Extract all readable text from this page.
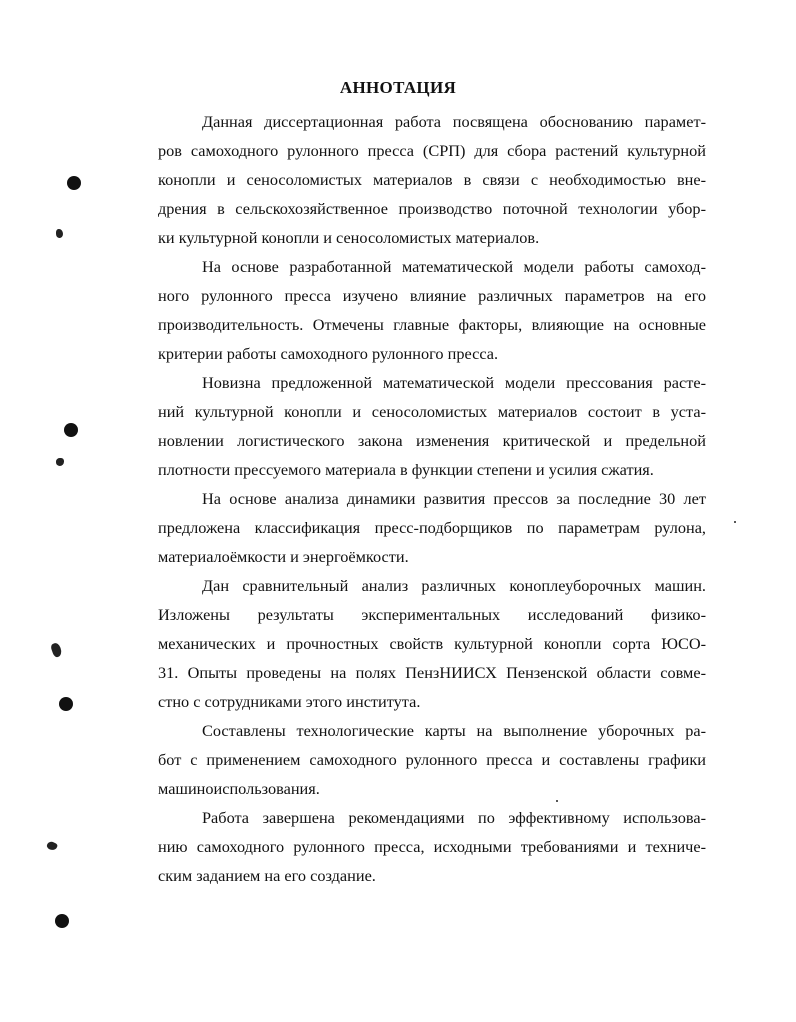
АННОТАЦИЯ
Данная диссертационная работа посвящена обоснованию парамет-
ров самоходного рулонного пресса (СРП) для сбора растений культурной
конопли и сеносоломистых материалов в связи с необходимостью вне-
дрения в сельскохозяйственное производство поточной технологии убор-
ки культурной конопли и сеносоломистых материалов.
На основе разработанной математической модели работы самоход-
ного рулонного пресса изучено влияние различных параметров на его
производительность. Отмечены главные факторы, влияющие на основные
критерии работы самоходного рулонного пресса.
Новизна предложенной математической модели прессования расте-
ний культурной конопли и сеносоломистых материалов состоит в уста-
новлении логистического закона изменения критической и предельной
плотности прессуемого материала в функции степени и усилия сжатия.
На основе анализа динамики развития прессов за последние 30 лет
предложена классификация пресс-подборщиков по параметрам рулона,
материалоёмкости и энергоёмкости.
Дан сравнительный анализ различных коноплеуборочных машин.
Изложены результаты экспериментальных исследований физико-
механических и прочностных свойств культурной конопли сорта ЮСО-
31. Опыты проведены на полях ПензНИИСХ Пензенской области совме-
стно с сотрудниками этого института.
Составлены технологические карты на выполнение уборочных ра-
бот с применением самоходного рулонного пресса и составлены графики
машиноиспользования.
Работа завершена рекомендациями по эффективному использова-
нию самоходного рулонного пресса, исходными требованиями и техниче-
ским заданием на его создание.
